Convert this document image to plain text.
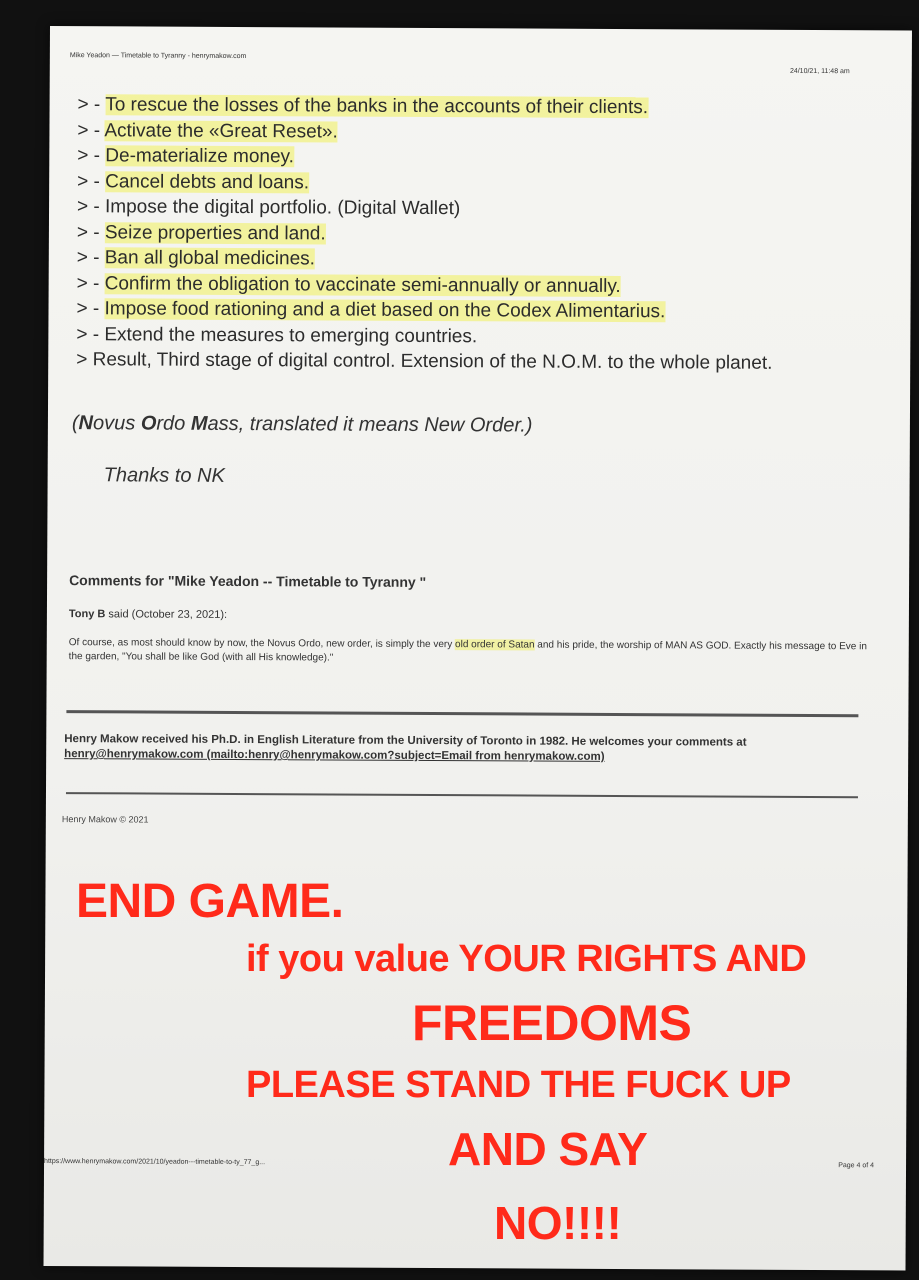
Mike Yeadon — Timetable to Tyranny - henrymakow.com
24/10/21, 11:48 am
> - To rescue the losses of the banks in the accounts of their clients.
> - Activate the «Great Reset».
> - De-materialize money.
> - Cancel debts and loans.
> - Impose the digital portfolio. (Digital Wallet)
> - Seize properties and land.
> - Ban all global medicines.
> - Confirm the obligation to vaccinate semi-annually or annually.
> - Impose food rationing and a diet based on the Codex Alimentarius.
> - Extend the measures to emerging countries.
> Result, Third stage of digital control. Extension of the N.O.M. to the whole planet.
(Novus Ordo Mass, translated it means New Order.)
Thanks to NK
Comments for "Mike Yeadon -- Timetable to Tyranny "
Tony B said (October 23, 2021):
Of course, as most should know by now, the Novus Ordo, new order, is simply the very old order of Satan and his pride, the worship of MAN AS GOD. Exactly his message to Eve in the garden, "You shall be like God (with all His knowledge)."
Henry Makow received his Ph.D. in English Literature from the University of Toronto in 1982. He welcomes your comments at henry@henrymakow.com (mailto:henry@henrymakow.com?subject=Email from henrymakow.com)
Henry Makow © 2021
https://www.henrymakow.com/2021/10/yeadon---timetable-to-ty_77_g...	Page 4 of 4
END GAME.
if you value YOUR RIGHTS AND
FREEDOMS
PLEASE STAND THE FUCK UP
AND SAY
NO!!!!
